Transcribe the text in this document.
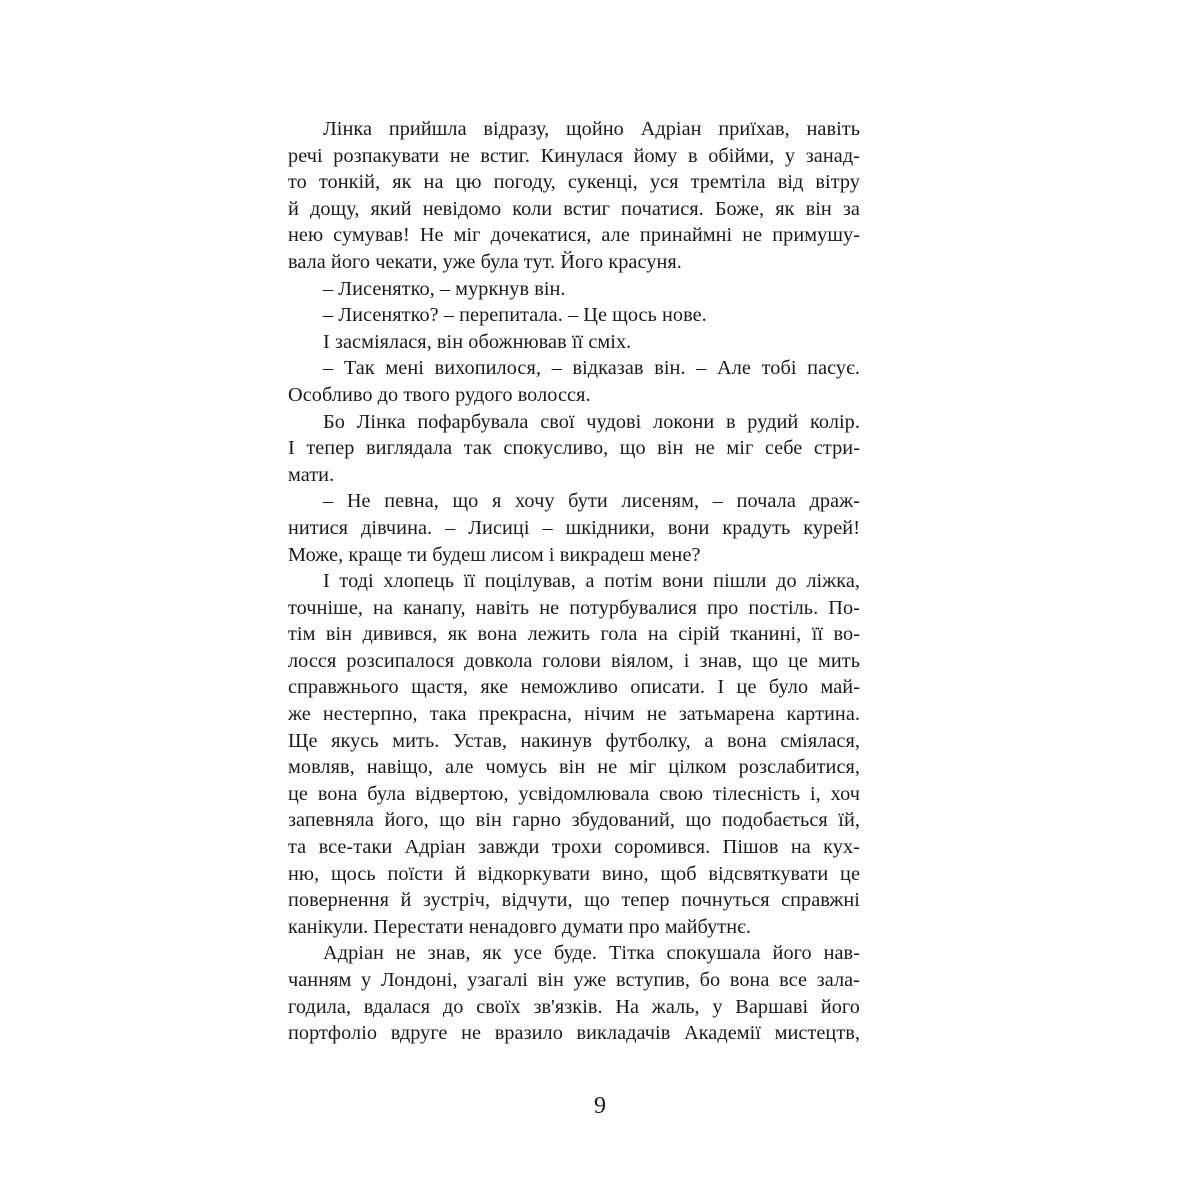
Лінка прийшла відразу, щойно Адріан приїхав, навіть
речі розпакувати не встиг. Кинулася йому в обійми, у занад-
то тонкій, як на цю погоду, сукенці, уся тремтіла від вітру
й дощу, який невідомо коли встиг початися. Боже, як він за
нею сумував! Не міг дочекатися, але принаймні не примушу-
вала його чекати, уже була тут. Його красуня.
– Лисенятко, – муркнув він.
– Лисенятко? – перепитала. – Це щось нове.
І засміялася, він обожнював її сміх.
– Так мені вихопилося, – відказав він. – Але тобі пасує.
Особливо до твого рудого волосся.
Бо Лінка пофарбувала свої чудові локони в рудий колір.
І тепер виглядала так спокусливо, що він не міг себе стри-
мати.
– Не певна, що я хочу бути лисеням, – почала драж-
нитися дівчина. – Лисиці – шкідники, вони крадуть курей!
Може, краще ти будеш лисом і викрадеш мене?
І тоді хлопець її поцілував, а потім вони пішли до ліжка,
точніше, на канапу, навіть не потурбувалися про постіль. По-
тім він дивився, як вона лежить гола на сірій тканині, її во-
лосся розсипалося довкола голови віялом, і знав, що це мить
справжнього щастя, яке неможливо описати. І це було май-
же нестерпно, така прекрасна, нічим не затьмарена картина.
Ще якусь мить. Устав, накинув футболку, а вона сміялася,
мовляв, навіщо, але чомусь він не міг цілком розслабитися,
це вона була відвертою, усвідомлювала свою тілесність і, хоч
запевняла його, що він гарно збудований, що подобається їй,
та все-таки Адріан завжди трохи соромився. Пішов на кух-
ню, щось поїсти й відкоркувати вино, щоб відсвяткувати це
повернення й зустріч, відчути, що тепер почнуться справжні
канікули. Перестати ненадовго думати про майбутнє.
Адріан не знав, як усе буде. Тітка спокушала його нав-
чанням у Лондоні, узагалі він уже вступив, бо вона все зала-
годила, вдалася до своїх зв'язків. На жаль, у Варшаві його
портфоліо вдруге не вразило викладачів Академії мистецтв,
9
